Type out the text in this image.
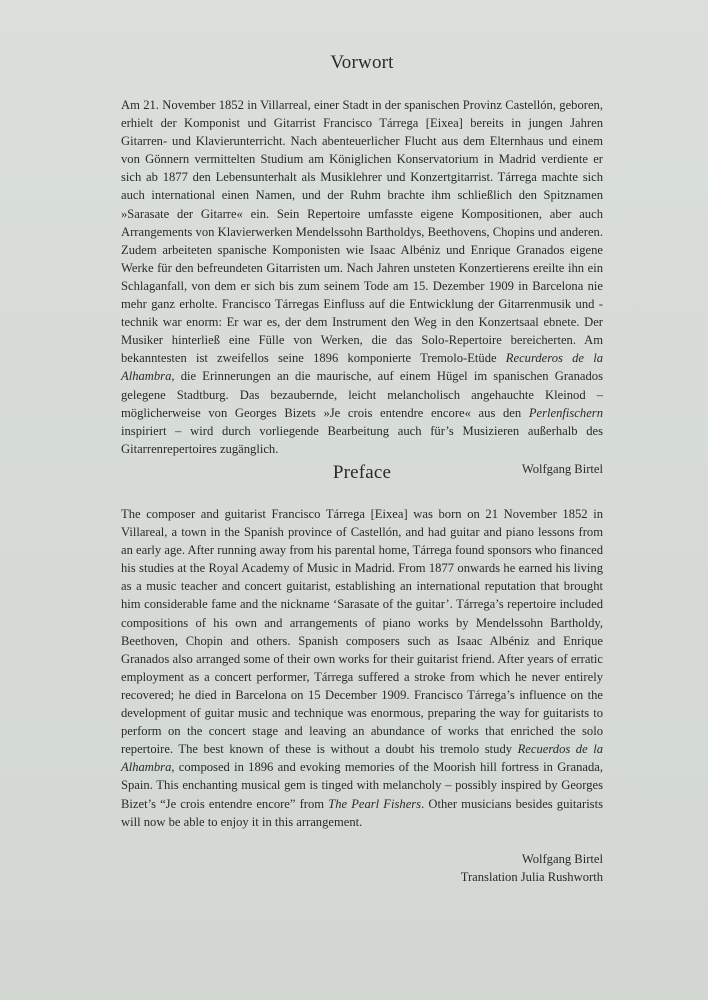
Vorwort

Am 21. November 1852 in Villarreal, einer Stadt in der spanischen Provinz Castellón, geboren, erhielt der Komponist und Gitarrist Francisco Tárrega [Eixea] bereits in jungen Jahren Gitarren- und Klavierunterricht. Nach abenteuerlicher Flucht aus dem Elternhaus und einem von Gönnern vermittelten Studium am Königlichen Konservatorium in Madrid verdiente er sich ab 1877 den Lebensunterhalt als Musiklehrer und Konzertgitarrist. Tárrega machte sich auch international einen Namen, und der Ruhm brachte ihm schließlich den Spitznamen »Sarasate der Gitarre« ein. Sein Repertoire umfasste eigene Kompositionen, aber auch Arrangements von Klavierwerken Mendelssohn Bartholdys, Beethovens, Chopins und anderen. Zudem arbeiteten spanische Komponisten wie Isaac Albéniz und Enrique Granados eigene Werke für den befreundeten Gitarristen um. Nach Jahren unsteten Konzertierens ereilte ihn ein Schlaganfall, von dem er sich bis zum seinem Tode am 15. Dezember 1909 in Barcelona nie mehr ganz erholte. Francisco Tárregas Einfluss auf die Entwicklung der Gitarrenmusik und -technik war enorm: Er war es, der dem Instrument den Weg in den Konzertsaal ebnete. Der Musiker hinterließ eine Fülle von Werken, die das Solo-Repertoire bereicherten. Am bekanntesten ist zweifellos seine 1896 komponierte Tremolo-Etüde Recurderos de la Alhambra, die Erinnerungen an die maurische, auf einem Hügel im spanischen Granados gelegene Stadtburg. Das bezaubernde, leicht melancholisch angehauchte Kleinod – möglicherweise von Georges Bizets »Je crois entendre encore« aus den Perlenfischern inspiriert – wird durch vorliegende Bearbeitung auch für’s Musizieren außerhalb des Gitarrenrepertoires zugänglich.

Wolfgang Birtel

Preface

The composer and guitarist Francisco Tárrega [Eixea] was born on 21 November 1852 in Villareal, a town in the Spanish province of Castellón, and had guitar and piano lessons from an early age. After running away from his parental home, Tárrega found sponsors who financed his studies at the Royal Academy of Music in Madrid. From 1877 onwards he earned his living as a music teacher and concert guitarist, establishing an international reputation that brought him considerable fame and the nickname ‘Sarasate of the guitar’. Tárrega’s repertoire included compositions of his own and arrangements of piano works by Mendelssohn Bartholdy, Beethoven, Chopin and others. Spanish composers such as Isaac Albéniz and Enrique Granados also arranged some of their own works for their guitarist friend. After years of erratic employment as a concert performer, Tárrega suffered a stroke from which he never entirely recovered; he died in Barcelona on 15 December 1909. Francisco Tárrega’s influence on the development of guitar music and technique was enormous, preparing the way for guitarists to perform on the concert stage and leaving an abundance of works that enriched the solo repertoire. The best known of these is without a doubt his tremolo study Recuerdos de la Alhambra, composed in 1896 and evoking memories of the Moorish hill fortress in Granada, Spain. This enchanting musical gem is tinged with melancholy – possibly inspired by Georges Bizet’s “Je crois entendre encore” from The Pearl Fishers. Other musicians besides guitarists will now be able to enjoy it in this arrangement.

Wolfgang Birtel

Translation Julia Rushworth
